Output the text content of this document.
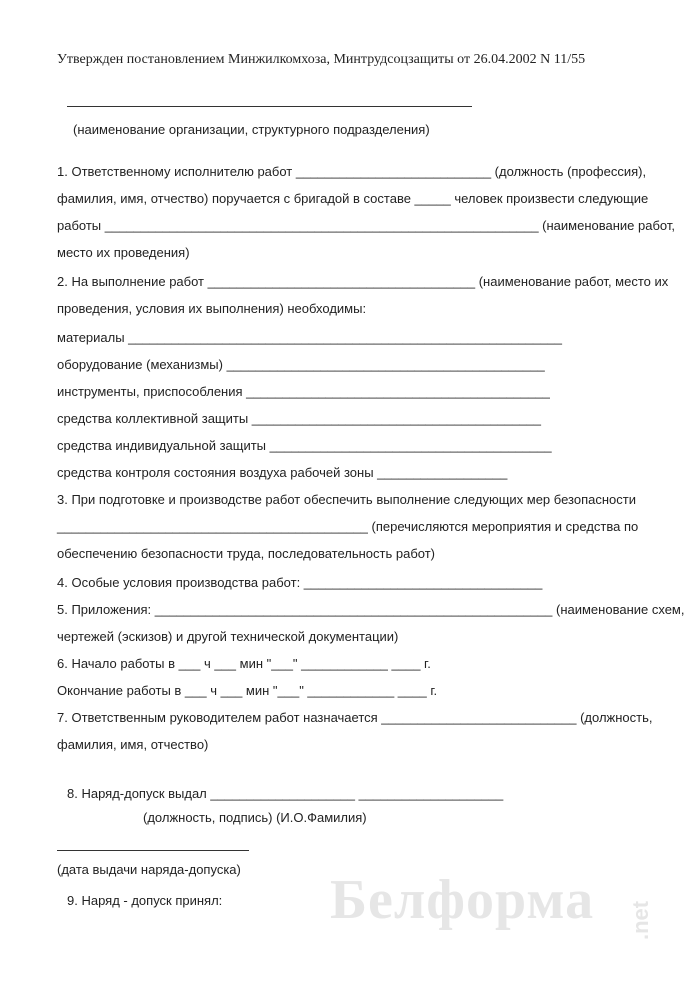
Утвержден постановлением Минжилкомхоза, Минтрудсоцзащиты от 26.04.2002 N 11/55
(наименование организации, структурного подразделения)
1. Ответственному исполнителю работ ___________________________ (должность (профессия),
фамилия, имя, отчество) поручается с бригадой в составе _____ человек произвести следующие
работы ____________________________________________________________ (наименование работ,
место их проведения)
2. На выполнение работ _____________________________________ (наименование работ, место их
проведения, условия их выполнения) необходимы:
материалы ____________________________________________________________
оборудование (механизмы) ____________________________________________
инструменты, приспособления __________________________________________
средства коллективной защиты ________________________________________
средства индивидуальной защиты _______________________________________
средства контроля состояния воздуха рабочей зоны __________________
3. При подготовке и производстве работ обеспечить выполнение следующих мер безопасности
___________________________________________ (перечисляются мероприятия и средства по
обеспечению безопасности труда, последовательность работ)
4. Особые условия производства работ: _________________________________
5. Приложения: _______________________________________________________ (наименование схем,
чертежей (эскизов) и другой технической документации)
6. Начало работы в ___ ч ___ мин "___" ____________ ____ г.
Окончание работы в ___ ч ___ мин "___" ____________ ____ г.
7. Ответственным руководителем работ назначается ___________________________ (должность,
фамилия, имя, отчество)
8. Наряд-допуск выдал ____________________ ____________________
(должность, подпись) (И.О.Фамилия)
(дата выдачи наряда-допуска)
9. Наряд - допуск принял: Белформа .net
